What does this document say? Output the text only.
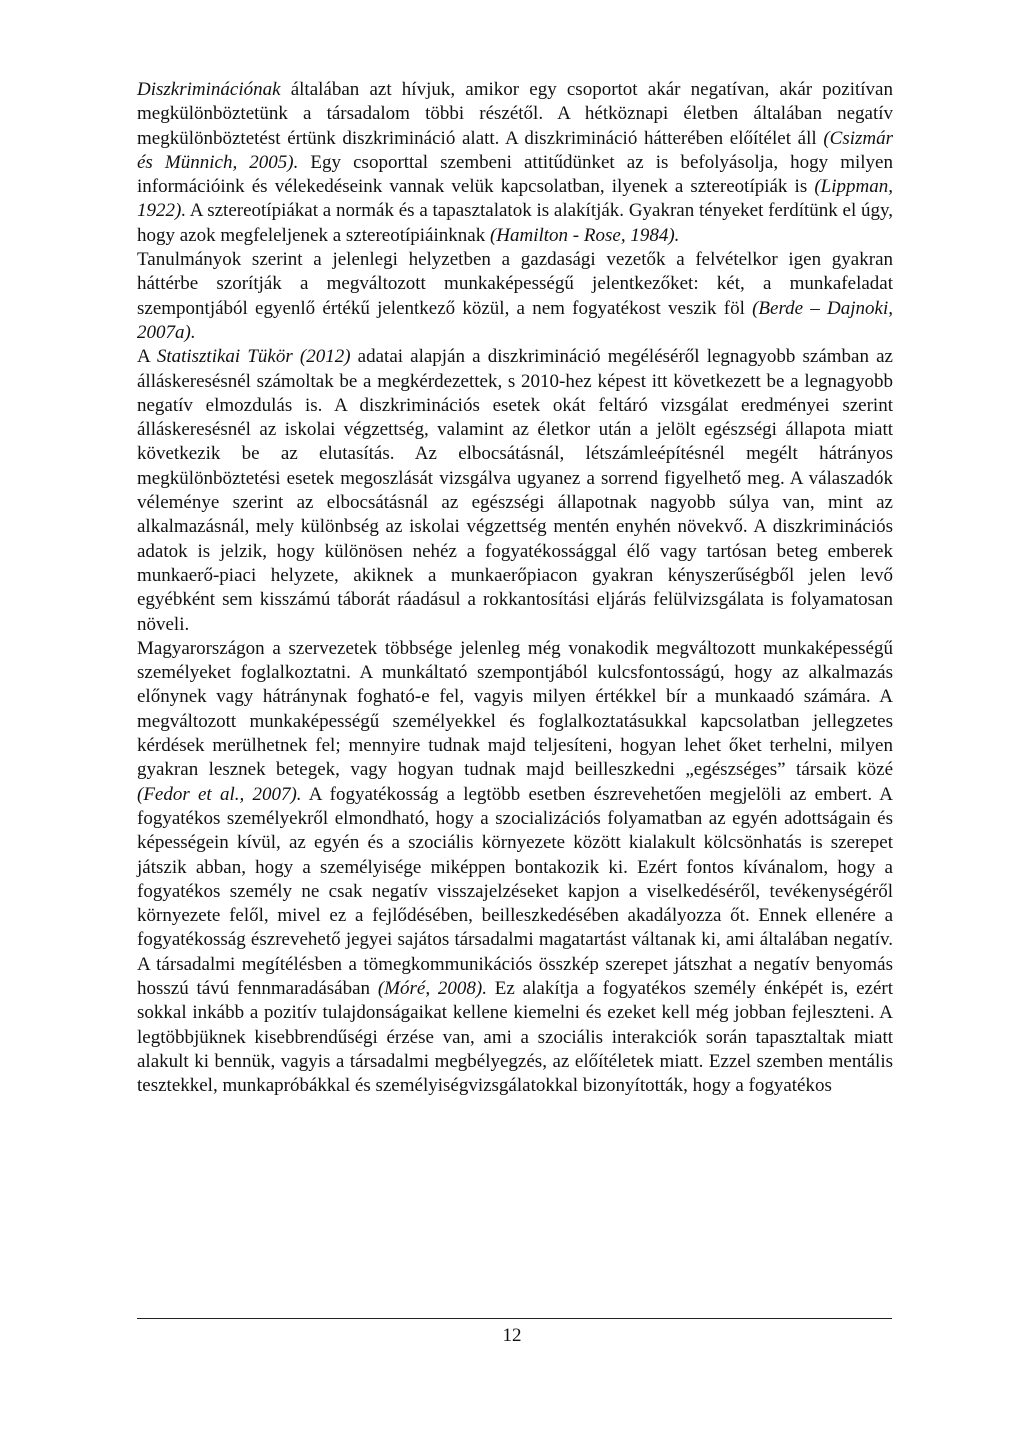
Diszkriminációnak általában azt hívjuk, amikor egy csoportot akár negatívan, akár pozitívan megkülönböztetünk a társadalom többi részétől. A hétköznapi életben általában negatív megkülönböztetést értünk diszkrimináció alatt. A diszkrimináció hátterében előítélet áll (Csizmár és Münnich, 2005). Egy csoporttal szembeni attitűdünket az is befolyásolja, hogy milyen információink és vélekedéseink vannak velük kapcsolatban, ilyenek a sztereotípiák is (Lippman, 1922). A sztereotípiákat a normák és a tapasztalatok is alakítják. Gyakran tényeket ferdítünk el úgy, hogy azok megfeleljenek a sztereotípiáinknak (Hamilton - Rose, 1984).

Tanulmányok szerint a jelenlegi helyzetben a gazdasági vezetők a felvételkor igen gyakran háttérbe szorítják a megváltozott munkaképességű jelentkezőket: két, a munkafeladat szempontjából egyenlő értékű jelentkező közül, a nem fogyatékost veszik föl (Berde – Dajnoki, 2007a).

A Statisztikai Tükör (2012) adatai alapján a diszkrimináció megéléséről legnagyobb számban az álláskeresésnél számoltak be a megkérdezettek, s 2010-hez képest itt következett be a legnagyobb negatív elmozdulás is. A diszkriminációs esetek okát feltáró vizsgálat eredményei szerint álláskeresésnél az iskolai végzettség, valamint az életkor után a jelölt egészségi állapota miatt következik be az elutasítás. Az elbocsátásnál, létszámleépítésnél megélt hátrányos megkülönböztetési esetek megoszlását vizsgálva ugyanez a sorrend figyelhető meg. A válaszadók véleménye szerint az elbocsátásnál az egészségi állapotnak nagyobb súlya van, mint az alkalmazásnál, mely különbség az iskolai végzettség mentén enyhén növekvő. A diszkriminációs adatok is jelzik, hogy különösen nehéz a fogyatékossággal élő vagy tartósan beteg emberek munkaerő-piaci helyzete, akiknek a munkaerőpiacon gyakran kényszerűségből jelen levő egyébként sem kisszámú táborát ráadásul a rokkantosítási eljárás felülvizsgálata is folyamatosan növeli.

Magyarországon a szervezetek többsége jelenleg még vonakodik megváltozott munkaképességű személyeket foglalkoztatni. A munkáltató szempontjából kulcsfontosságú, hogy az alkalmazás előnynek vagy hátránynak fogható-e fel, vagyis milyen értékkel bír a munkaadó számára. A megváltozott munkaképességű személyekkel és foglalkoztatásukkal kapcsolatban jellegzetes kérdések merülhetnek fel; mennyire tudnak majd teljesíteni, hogyan lehet őket terhelni, milyen gyakran lesznek betegek, vagy hogyan tudnak majd beilleszkedni „egészséges” társaik közé (Fedor et al., 2007). A fogyatékosság a legtöbb esetben észrevehetően megjelöli az embert. A fogyatékos személyekről elmondható, hogy a szocializációs folyamatban az egyén adottságain és képességein kívül, az egyén és a szociális környezete között kialakult kölcsönhatás is szerepet játszik abban, hogy a személyisége miképpen bontakozik ki. Ezért fontos kívánalom, hogy a fogyatékos személy ne csak negatív visszajelzéseket kapjon a viselkedéséről, tevékenységéről környezete felől, mivel ez a fejlődésében, beilleszkedésében akadályozza őt. Ennek ellenére a fogyatékosság észrevehető jegyei sajátos társadalmi magatartást váltanak ki, ami általában negatív. A társadalmi megítélésben a tömegkommunikációs összkép szerepet játszhat a negatív benyomás hosszú távú fennmaradásában (Móré, 2008). Ez alakítja a fogyatékos személy énképét is, ezért sokkal inkább a pozitív tulajdonságaikat kellene kiemelni és ezeket kell még jobban fejleszteni. A legtöbbjüknek kisebbrendűségi érzése van, ami a szociális interakciók során tapasztaltak miatt alakult ki bennük, vagyis a társadalmi megbélyegzés, az előítéletek miatt. Ezzel szemben mentális tesztekkel, munkapróbákkal és személyiségvizsgálatokkal bizonyították, hogy a fogyatékos

12
